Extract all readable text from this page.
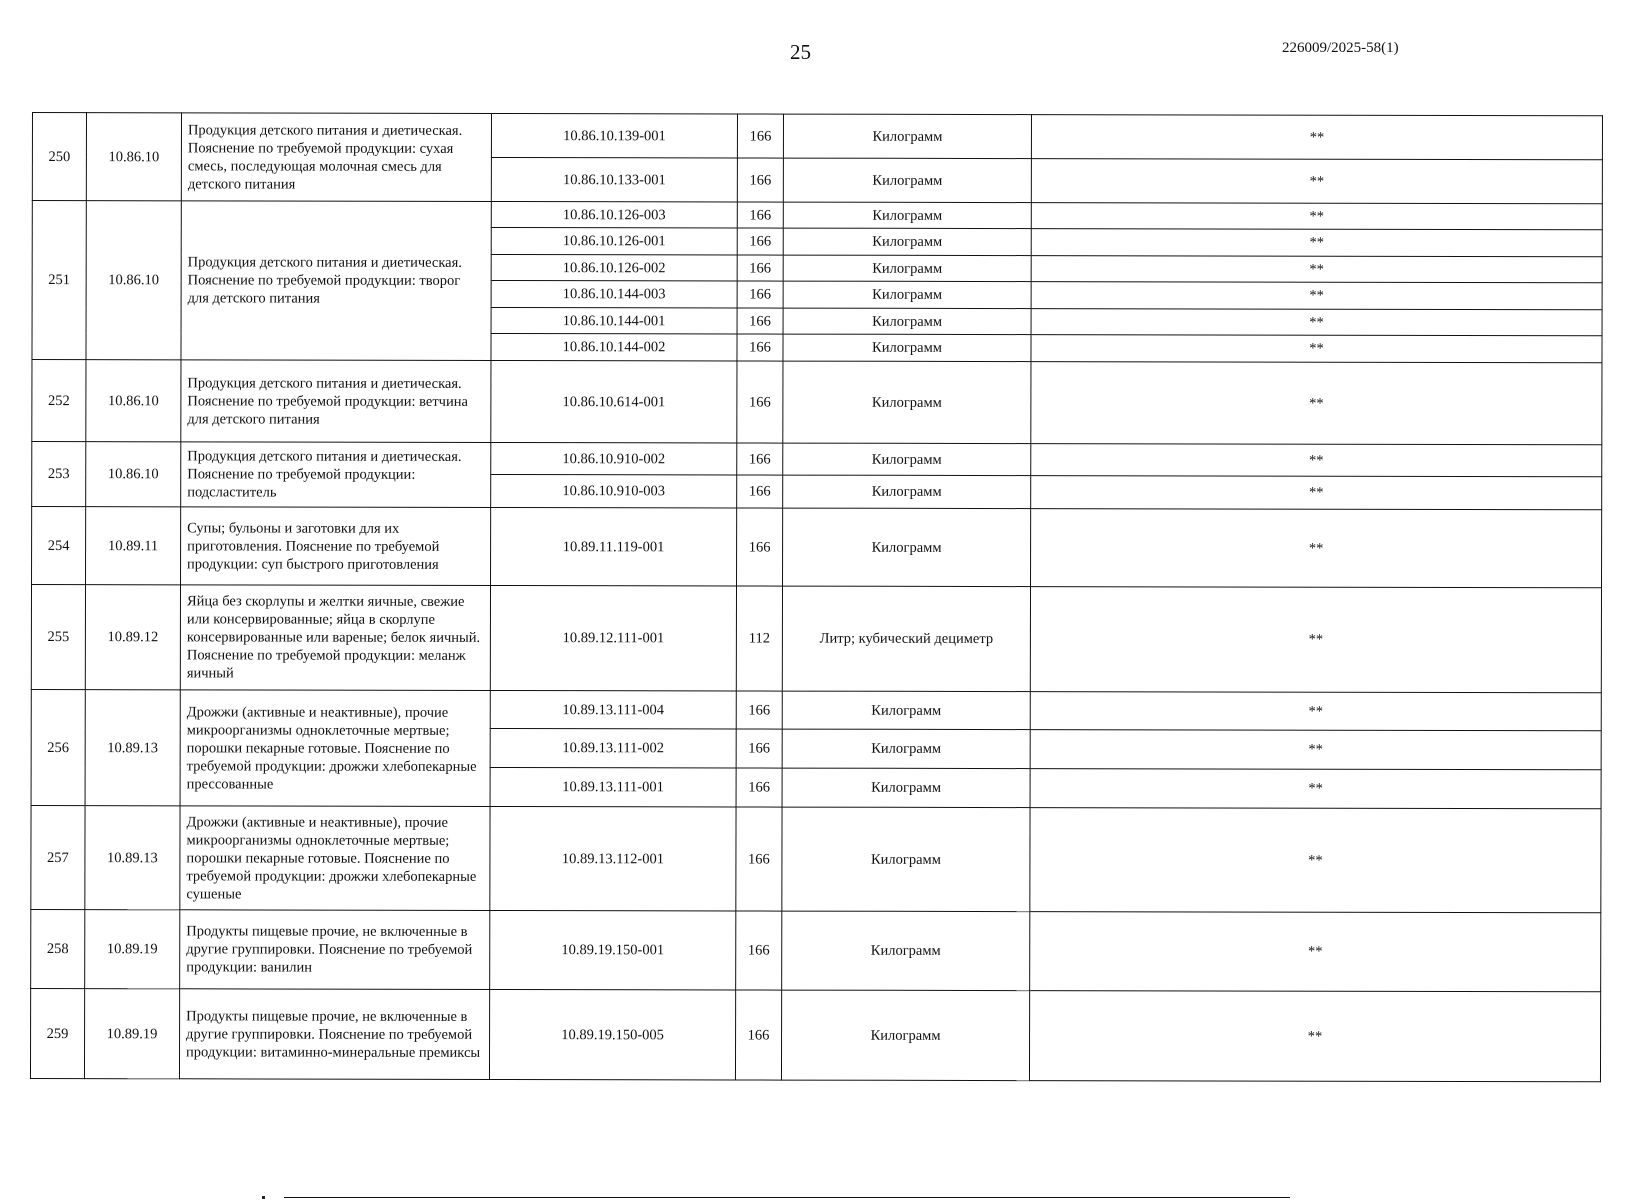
25	226009/2025-58(1)
250	10.86.10	Продукция детского питания и диетическая. Пояснение по требуемой продукции: сухая смесь, последующая молочная смесь для детского питания	10.86.10.139-001	166	Килограмм	**
			10.86.10.133-001	166	Килограмм	**
251	10.86.10	Продукция детского питания и диетическая. Пояснение по требуемой продукции: творог для детского питания	10.86.10.126-003	166	Килограмм	**
			10.86.10.126-001	166	Килограмм	**
			10.86.10.126-002	166	Килограмм	**
			10.86.10.144-003	166	Килограмм	**
			10.86.10.144-001	166	Килограмм	**
			10.86.10.144-002	166	Килограмм	**
252	10.86.10	Продукция детского питания и диетическая. Пояснение по требуемой продукции: ветчина для детского питания	10.86.10.614-001	166	Килограмм	**
253	10.86.10	Продукция детского питания и диетическая. Пояснение по требуемой продукции: подсластитель	10.86.10.910-002	166	Килограмм	**
			10.86.10.910-003	166	Килограмм	**
254	10.89.11	Супы; бульоны и заготовки для их приготовления. Пояснение по требуемой продукции: суп быстрого приготовления	10.89.11.119-001	166	Килограмм	**
255	10.89.12	Яйца без скорлупы и желтки яичные, свежие или консервированные; яйца в скорлупе консервированные или вареные; белок яичный. Пояснение по требуемой продукции: меланж яичный	10.89.12.111-001	112	Литр; кубический дециметр	**
256	10.89.13	Дрожжи (активные и неактивные), прочие микроорганизмы одноклеточные мертвые; порошки пекарные готовые. Пояснение по требуемой продукции: дрожжи хлебопекарные прессованные	10.89.13.111-004	166	Килограмм	**
			10.89.13.111-002	166	Килограмм	**
			10.89.13.111-001	166	Килограмм	**
257	10.89.13	Дрожжи (активные и неактивные), прочие микроорганизмы одноклеточные мертвые; порошки пекарные готовые. Пояснение по требуемой продукции: дрожжи хлебопекарные сушеные	10.89.13.112-001	166	Килограмм	**
258	10.89.19	Продукты пищевые прочие, не включенные в другие группировки. Пояснение по требуемой продукции: ванилин	10.89.19.150-001	166	Килограмм	**
259	10.89.19	Продукты пищевые прочие, не включенные в другие группировки. Пояснение по требуемой продукции: витаминно-минеральные премиксы	10.89.19.150-005	166	Килограмм	**
